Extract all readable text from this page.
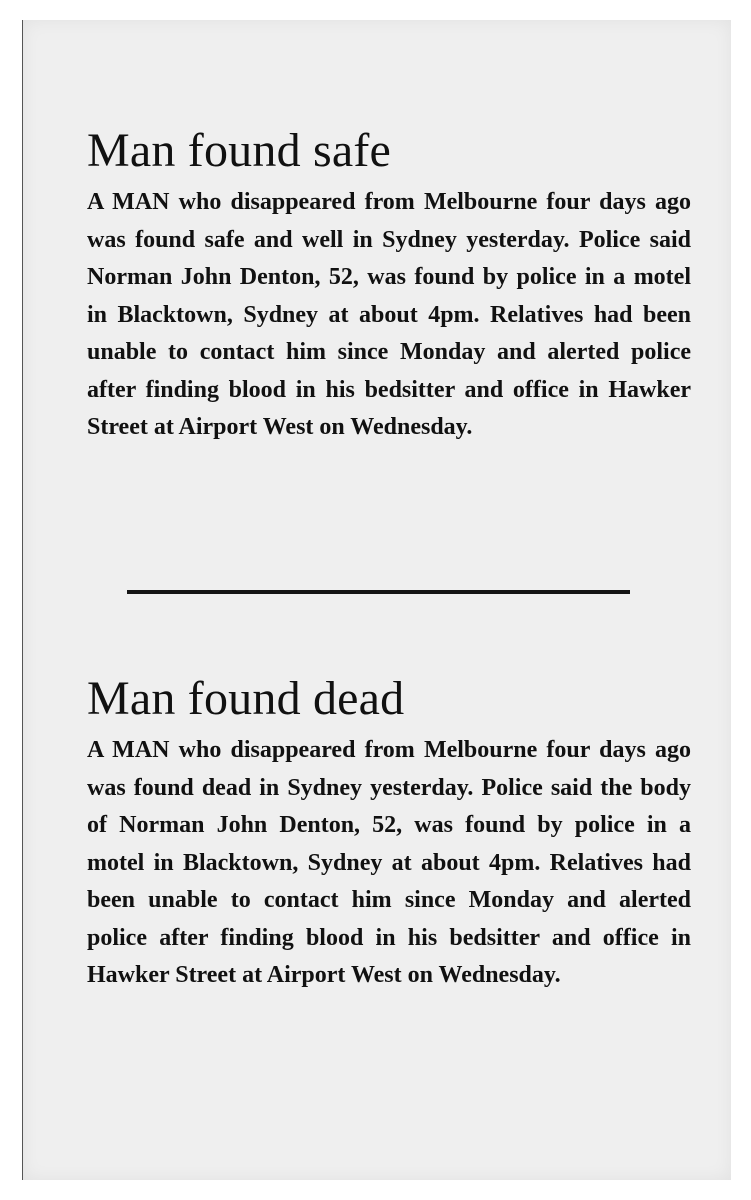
Man found safe

A MAN who disappeared from Melbourne four days ago was found safe and well in Sydney yesterday. Police said Norman John Denton, 52, was found by police in a motel in Blacktown, Sydney at about 4pm. Relatives had been unable to contact him since Monday and alerted police after finding blood in his bedsitter and office in Hawker Street at Airport West on Wednesday.

Man found dead

A MAN who disappeared from Melbourne four days ago was found dead in Sydney yesterday. Police said the body of Norman John Denton, 52, was found by police in a motel in Blacktown, Sydney at about 4pm. Relatives had been unable to contact him since Monday and alerted police after finding blood in his bedsitter and office in Hawker Street at Airport West on Wednesday.
